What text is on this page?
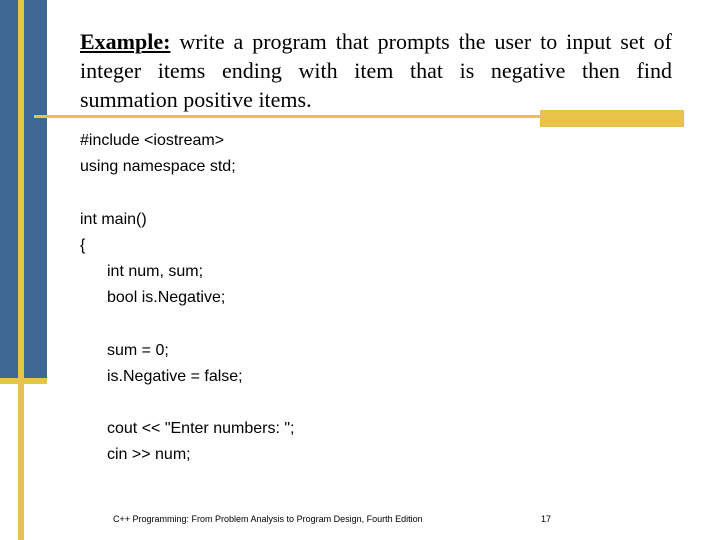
Example: write a program that prompts the user to input set of integer items ending with item that is negative then find summation positive items.
#include <iostream>
using namespace std;
int main()
{
int num, sum;
bool is.Negative;
sum = 0;
is.Negative = false;
cout << "Enter numbers: ";
cin >> num;
C++ Programming: From Problem Analysis to Program Design, Fourth Edition	17
